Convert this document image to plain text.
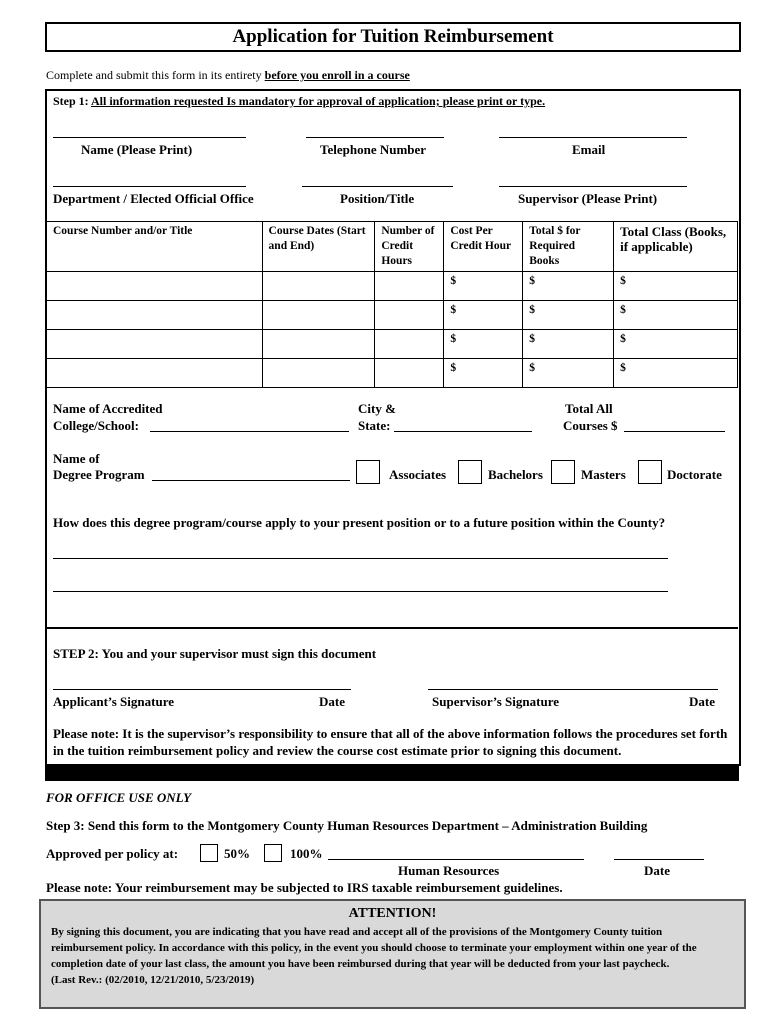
Application for Tuition Reimbursement
Complete and submit this form in its entirety before you enroll in a course
Step 1: All information requested Is mandatory for approval of application; please print or type.
Name (Please Print)	Telephone Number	Email
Department / Elected Official Office	Position/Title	Supervisor (Please Print)
Course Number and/or Title	Course Dates (Start and End)	Number of Credit Hours	Cost Per Credit Hour	Total $ for Required Books	Total Class (Books, if applicable)
			$	$	$
			$	$	$
			$	$	$
			$	$	$
Name of Accredited
College/School:
City &
State:
Total All
Courses $
Name of
Degree Program	Associates	Bachelors	Masters	Doctorate
How does this degree program/course apply to your present position or to a future position within the County?
STEP 2: You and your supervisor must sign this document
Applicant’s Signature	Date	Supervisor’s Signature	Date
Please note: It is the supervisor’s responsibility to ensure that all of the above information follows the procedures set forth in the tuition reimbursement policy and review the course cost estimate prior to signing this document.
FOR OFFICE USE ONLY
Step 3: Send this form to the Montgomery County Human Resources Department – Administration Building
Approved per policy at:	50%	100%
Human Resources	Date
Please note: Your reimbursement may be subjected to IRS taxable reimbursement guidelines.
ATTENTION!
By signing this document, you are indicating that you have read and accept all of the provisions of the Montgomery County tuition reimbursement policy. In accordance with this policy, in the event you should choose to terminate your employment within one year of the completion date of your last class, the amount you have been reimbursed during that year will be deducted from your last paycheck.
(Last Rev.: (02/2010, 12/21/2010, 5/23/2019)
